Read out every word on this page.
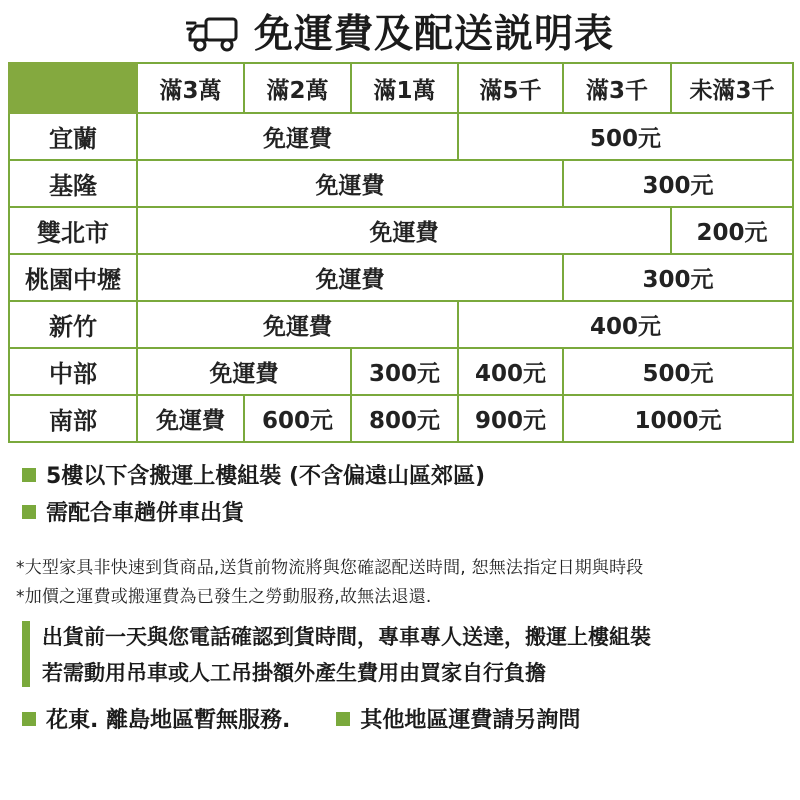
免運費及配送説明表
	滿3萬	滿2萬	滿1萬	滿5千	滿3千	未滿3千
宜蘭	免運費			500元		
基隆	免運費				300元	
雙北市	免運費					200元
桃園中壢	免運費				300元	
新竹	免運費			400元		
中部	免運費		300元	400元	500元	
南部	免運費	600元	800元	900元	1000元	
5樓以下含搬運上樓組裝 (不含偏遠山區郊區)
需配合車趟併車出貨
*大型家具非快速到貨商品,送貨前物流將與您確認配送時間, 恕無法指定日期與時段
*加價之運費或搬運費為已發生之勞動服務,故無法退還.
出貨前一天與您電話確認到貨時間，專車專人送達，搬運上樓組裝
若需動用吊車或人工吊掛額外產生費用由買家自行負擔
花東. 離島地區暫無服務.	其他地區運費請另詢問
